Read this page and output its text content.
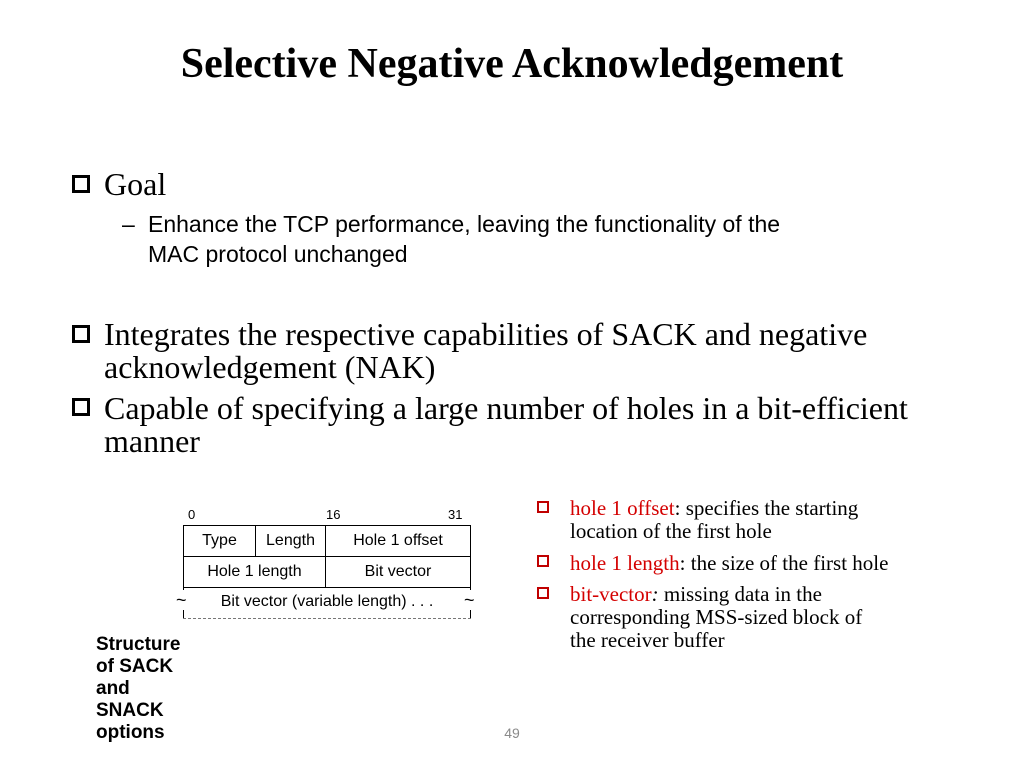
Selective Negative Acknowledgement
Goal
– Enhance the TCP performance, leaving the functionality of the
MAC protocol unchanged
Integrates the respective capabilities of SACK and negative acknowledgement (NAK)
Capable of specifying a large number of holes in a bit-efficient manner
0	16	31
Type	Length	Hole 1 offset
Hole 1 length	Bit vector
Bit vector (variable length) . . .
~	~
Structure of SACK and SNACK options
hole 1 offset: specifies the starting
location of the first hole
hole 1 length: the size of the first hole
bit-vector: missing data in the
corresponding MSS-sized block of
the receiver buffer
49
